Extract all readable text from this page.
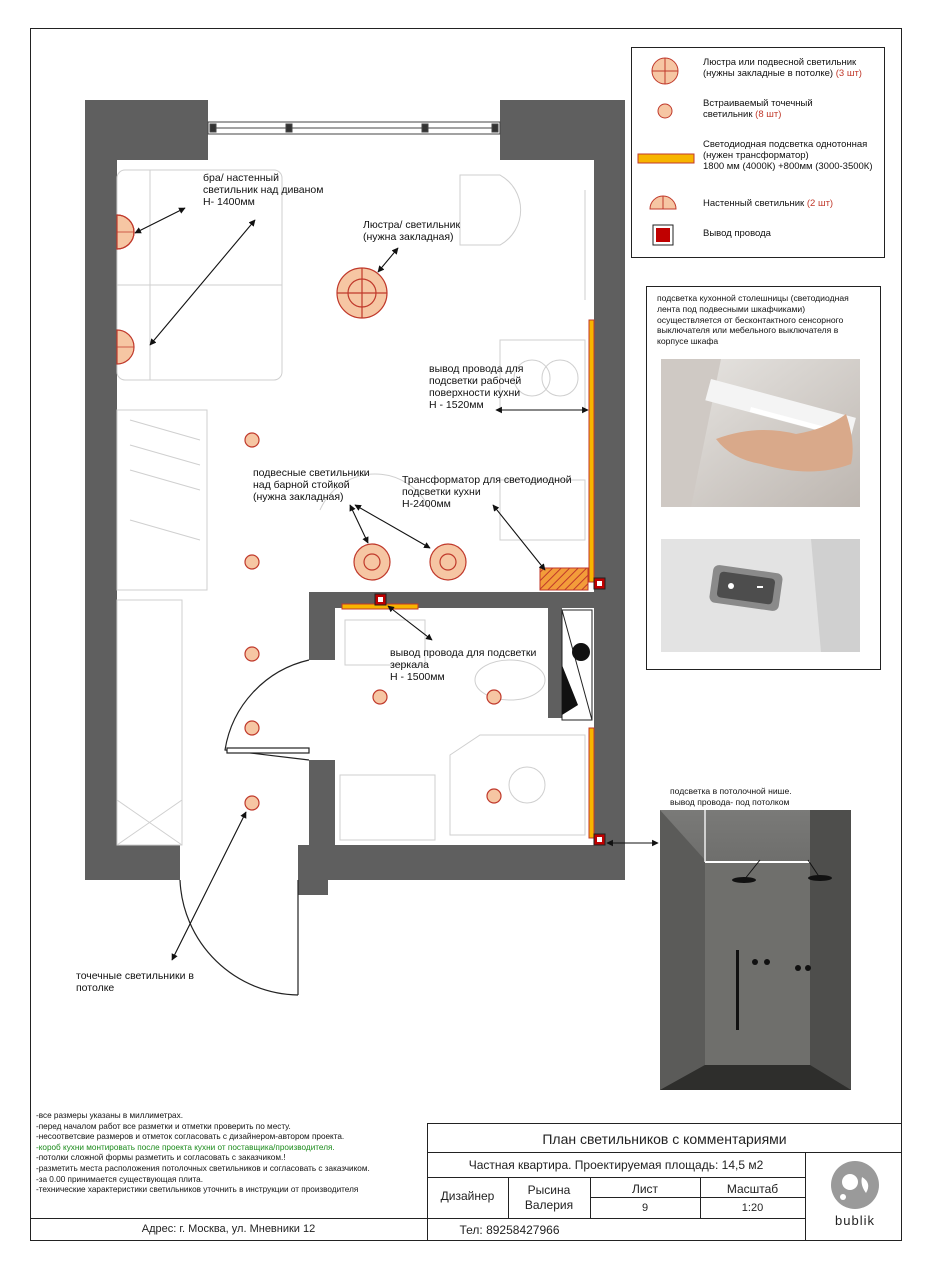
бра/ настенный
светильник над диваном
Н- 1400мм
Люстра/ светильник
(нужна закладная)
вывод провода для
подсветки рабочей
поверхности кухни
Н - 1520мм
подвесные светильники
над барной стойкой
(нужна закладная)
Трансформатор для светодиодной
подсветки кухни
Н-2400мм
вывод провода для подсветки
зеркала
Н - 1500мм
точечные светильники в
потолке
Люстра или подвесной светильник
(нужны закладные в потолке) (3 шт)
Встраиваемый точечный
светильник (8 шт)
Светодиодная подсветка однотонная
(нужен трансформатор)
1800 мм (4000К) +800мм (3000-3500К)
Настенный светильник (2 шт)
Вывод провода
подсветка кухонной столешницы (светодиодная
лента под подвесными шкафчиками)
осуществляется от бесконтактного сенсорного
выключателя или мебельного выключателя в
корпусе шкафа
подсветка в потолочной нише.
вывод провода- под потолком
-все размеры указаны в миллиметрах.
-перед началом работ все разметки и отметки проверить по месту.
-несоответсвие размеров и отметок согласовать с дизайнером-автором проекта.
-короб кухни монтировать после проекта кухни от поставщика/производителя.
-потолки сложной формы разметить и согласовать с заказчиком.!
-разметить места расположения потолочных светильников и согласовать с заказчиком.
-за 0.00 принимается существующая плита.
-технические характеристики светильников уточнить в инструкции от производителя
План светильников с комментариями
Частная квартира. Проектируемая площадь: 14,5 м2
Дизайнер	Рысина
Валерия
Лист
9
Масштаб
1:20
Адрес: г. Москва, ул. Мневники 12	Тел: 89258427966
bublik
